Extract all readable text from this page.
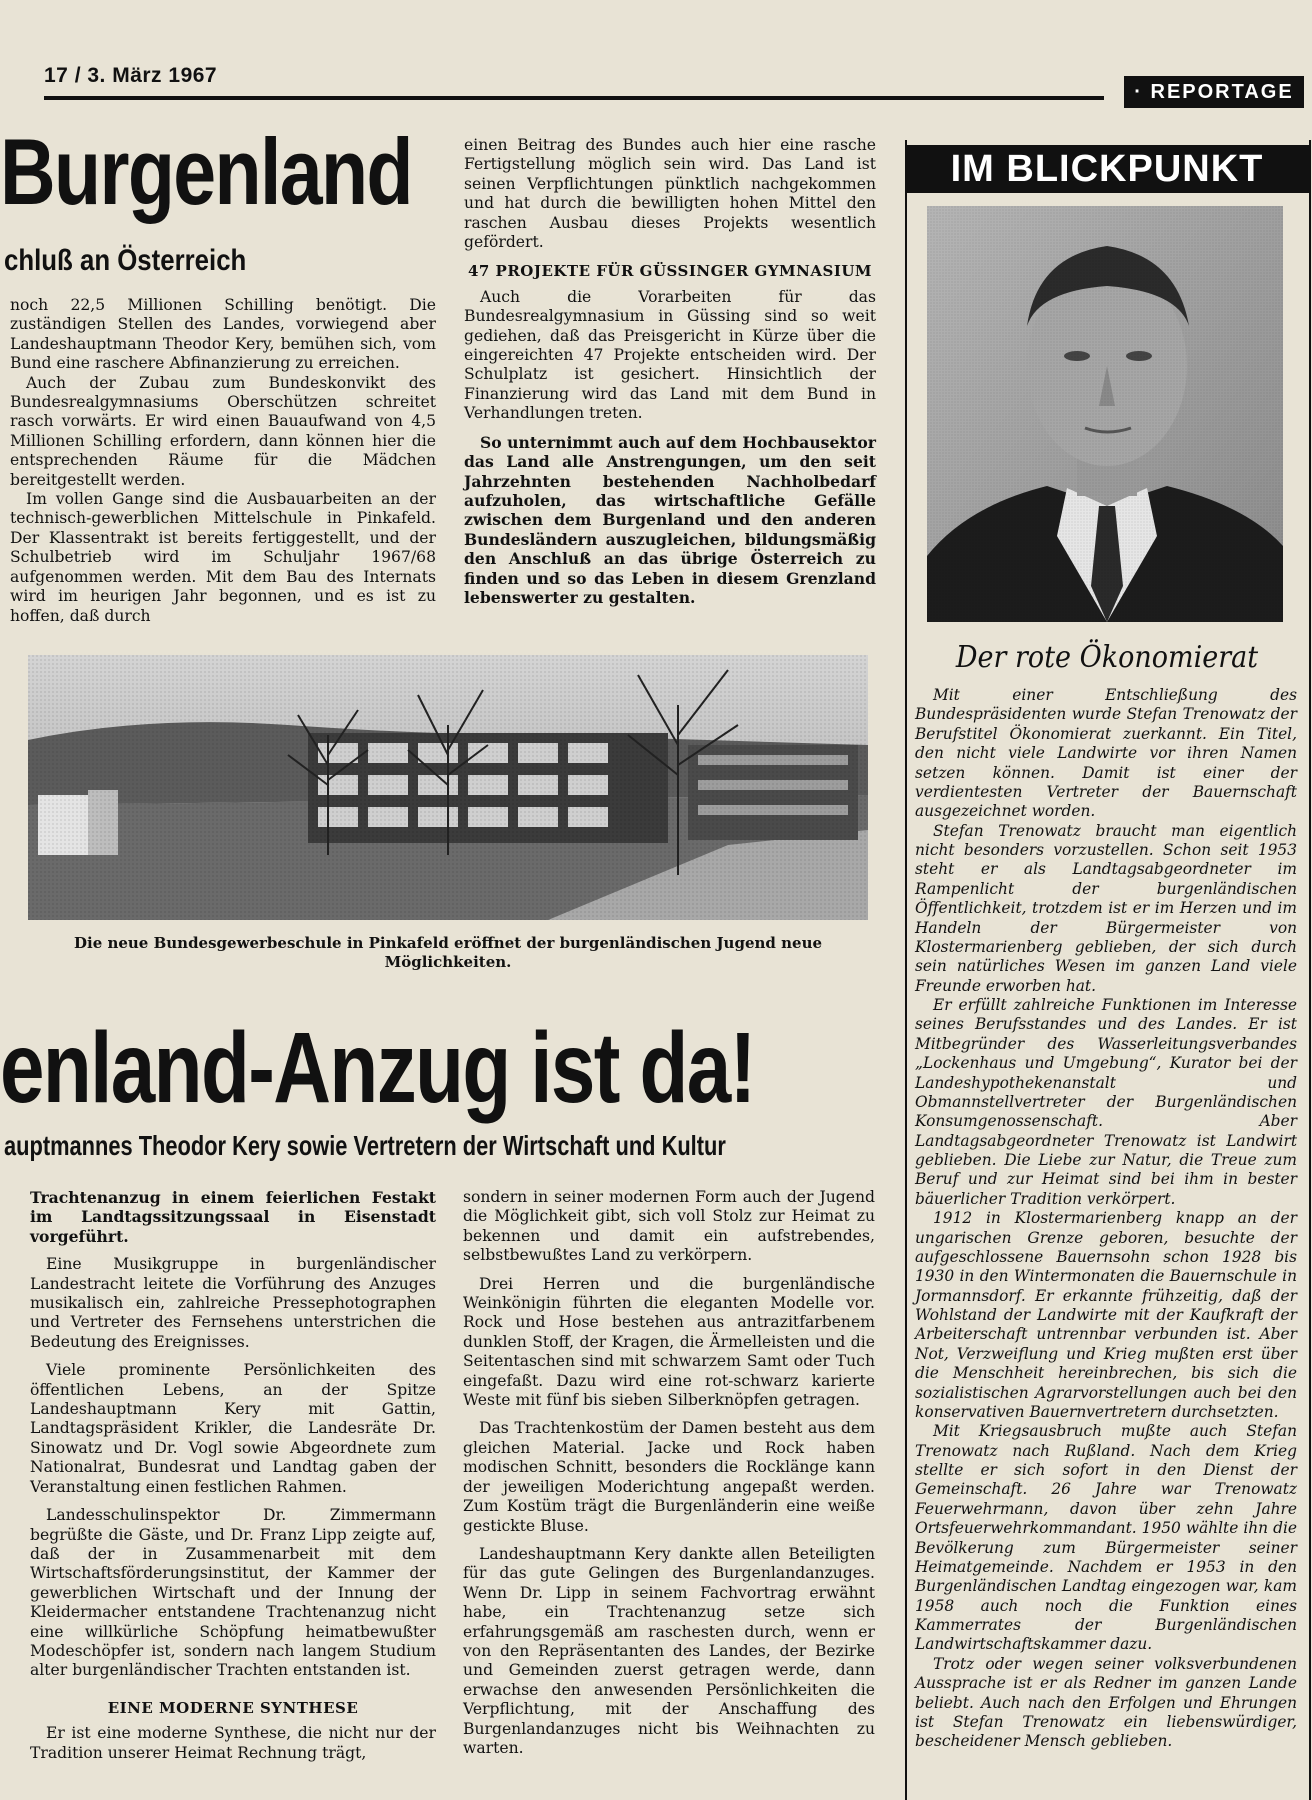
17 / 3. März 1967
· REPORTAGE
Burgenland
chluß an Österreich

noch 22,5 Millionen Schilling benötigt. Die zuständigen Stellen des Landes, vorwiegend aber Landeshauptmann Theodor Kery, bemühen sich, vom Bund eine raschere Abfinanzierung zu erreichen.

Auch der Zubau zum Bundeskonvikt des Bundesrealgymnasiums Oberschützen schreitet rasch vorwärts. Er wird einen Bauaufwand von 4,5 Millionen Schilling erfordern, dann können hier die entsprechenden Räume für die Mädchen bereitgestellt werden.

Im vollen Gange sind die Ausbauarbeiten an der technisch-gewerblichen Mittelschule in Pinkafeld. Der Klassentrakt ist bereits fertiggestellt, und der Schulbetrieb wird im Schuljahr 1967/68 aufgenommen werden. Mit dem Bau des Internats wird im heurigen Jahr begonnen, und es ist zu hoffen, daß durch

einen Beitrag des Bundes auch hier eine rasche Fertigstellung möglich sein wird. Das Land ist seinen Verpflichtungen pünktlich nachgekommen und hat durch die bewilligten hohen Mittel den raschen Ausbau dieses Projekts wesentlich gefördert.

47 PROJEKTE FÜR GÜSSINGER GYMNASIUM

Auch die Vorarbeiten für das Bundesrealgymnasium in Güssing sind so weit gediehen, daß das Preisgericht in Kürze über die eingereichten 47 Projekte entscheiden wird. Der Schulplatz ist gesichert. Hinsichtlich der Finanzierung wird das Land mit dem Bund in Verhandlungen treten.

So unternimmt auch auf dem Hochbausektor das Land alle Anstrengungen, um den seit Jahrzehnten bestehenden Nachholbedarf aufzuholen, das wirtschaftliche Gefälle zwischen dem Burgenland und den anderen Bundesländern auszugleichen, bildungsmäßig den Anschluß an das übrige Österreich zu finden und so das Leben in diesem Grenzland lebenswerter zu gestalten.

Die neue Bundesgewerbeschule in Pinkafeld eröffnet der burgenländischen Jugend neue Möglichkeiten.
enland-Anzug ist da!
auptmannes Theodor Kery sowie Vertretern der Wirtschaft und Kultur

Trachtenanzug in einem feierlichen Festakt im Landtagssitzungssaal in Eisenstadt vorgeführt.

Eine Musikgruppe in burgenländischer Landestracht leitete die Vorführung des Anzuges musikalisch ein, zahlreiche Pressephotographen und Vertreter des Fernsehens unterstrichen die Bedeutung des Ereignisses.

Viele prominente Persönlichkeiten des öffentlichen Lebens, an der Spitze Landeshauptmann Kery mit Gattin, Landtagspräsident Krikler, die Landesräte Dr. Sinowatz und Dr. Vogl sowie Abgeordnete zum Nationalrat, Bundesrat und Landtag gaben der Veranstaltung einen festlichen Rahmen.

Landesschulinspektor Dr. Zimmermann begrüßte die Gäste, und Dr. Franz Lipp zeigte auf, daß der in Zusammenarbeit mit dem Wirtschaftsförderungsinstitut, der Kammer der gewerblichen Wirtschaft und der Innung der Kleidermacher entstandene Trachtenanzug nicht eine willkürliche Schöpfung heimatbewußter Modeschöpfer ist, sondern nach langem Studium alter burgenländischer Trachten entstanden ist.

EINE MODERNE SYNTHESE

Er ist eine moderne Synthese, die nicht nur der Tradition unserer Heimat Rechnung trägt,

sondern in seiner modernen Form auch der Jugend die Möglichkeit gibt, sich voll Stolz zur Heimat zu bekennen und damit ein aufstrebendes, selbstbewußtes Land zu verkörpern.

Drei Herren und die burgenländische Weinkönigin führten die eleganten Modelle vor. Rock und Hose bestehen aus antrazitfarbenem dunklen Stoff, der Kragen, die Ärmelleisten und die Seitentaschen sind mit schwarzem Samt oder Tuch eingefaßt. Dazu wird eine rot-schwarz karierte Weste mit fünf bis sieben Silberknöpfen getragen.

Das Trachtenkostüm der Damen besteht aus dem gleichen Material. Jacke und Rock haben modischen Schnitt, besonders die Rocklänge kann der jeweiligen Moderichtung angepaßt werden. Zum Kostüm trägt die Burgenländerin eine weiße gestickte Bluse.

Landeshauptmann Kery dankte allen Beteiligten für das gute Gelingen des Burgenlandanzuges. Wenn Dr. Lipp in seinem Fachvortrag erwähnt habe, ein Trachtenanzug setze sich erfahrungsgemäß am raschesten durch, wenn er von den Repräsentanten des Landes, der Bezirke und Gemeinden zuerst getragen werde, dann erwachse den anwesenden Persönlichkeiten die Verpflichtung, mit der Anschaffung des Burgenlandanzuges nicht bis Weihnachten zu warten.

IM BLICKPUNKT
Der rote Ökonomierat

Mit einer Entschließung des Bundespräsidenten wurde Stefan Trenowatz der Berufstitel Ökonomierat zuerkannt. Ein Titel, den nicht viele Landwirte vor ihren Namen setzen können. Damit ist einer der verdientesten Vertreter der Bauernschaft ausgezeichnet worden.

Stefan Trenowatz braucht man eigentlich nicht besonders vorzustellen. Schon seit 1953 steht er als Landtagsabgeordneter im Rampenlicht der burgenländischen Öffentlichkeit, trotzdem ist er im Herzen und im Handeln der Bürgermeister von Klostermarienberg geblieben, der sich durch sein natürliches Wesen im ganzen Land viele Freunde erworben hat.

Er erfüllt zahlreiche Funktionen im Interesse seines Berufsstandes und des Landes. Er ist Mitbegründer des Wasserleitungsverbandes „Lockenhaus und Umgebung“, Kurator bei der Landeshypothekenanstalt und Obmannstellvertreter der Burgenländischen Konsumgenossenschaft. Aber Landtagsabgeordneter Trenowatz ist Landwirt geblieben. Die Liebe zur Natur, die Treue zum Beruf und zur Heimat sind bei ihm in bester bäuerlicher Tradition verkörpert.

1912 in Klostermarienberg knapp an der ungarischen Grenze geboren, besuchte der aufgeschlossene Bauernsohn schon 1928 bis 1930 in den Wintermonaten die Bauernschule in Jormannsdorf. Er erkannte frühzeitig, daß der Wohlstand der Landwirte mit der Kaufkraft der Arbeiterschaft untrennbar verbunden ist. Aber Not, Verzweiflung und Krieg mußten erst über die Menschheit hereinbrechen, bis sich die sozialistischen Agrarvorstellungen auch bei den konservativen Bauernvertretern durchsetzten.

Mit Kriegsausbruch mußte auch Stefan Trenowatz nach Rußland. Nach dem Krieg stellte er sich sofort in den Dienst der Gemeinschaft. 26 Jahre war Trenowatz Feuerwehrmann, davon über zehn Jahre Ortsfeuerwehrkommandant. 1950 wählte ihn die Bevölkerung zum Bürgermeister seiner Heimatgemeinde. Nachdem er 1953 in den Burgenländischen Landtag eingezogen war, kam 1958 auch noch die Funktion eines Kammerrates der Burgenländischen Landwirtschaftskammer dazu.

Trotz oder wegen seiner volksverbundenen Aussprache ist er als Redner im ganzen Lande beliebt. Auch nach den Erfolgen und Ehrungen ist Stefan Trenowatz ein liebenswürdiger, bescheidener Mensch geblieben.
